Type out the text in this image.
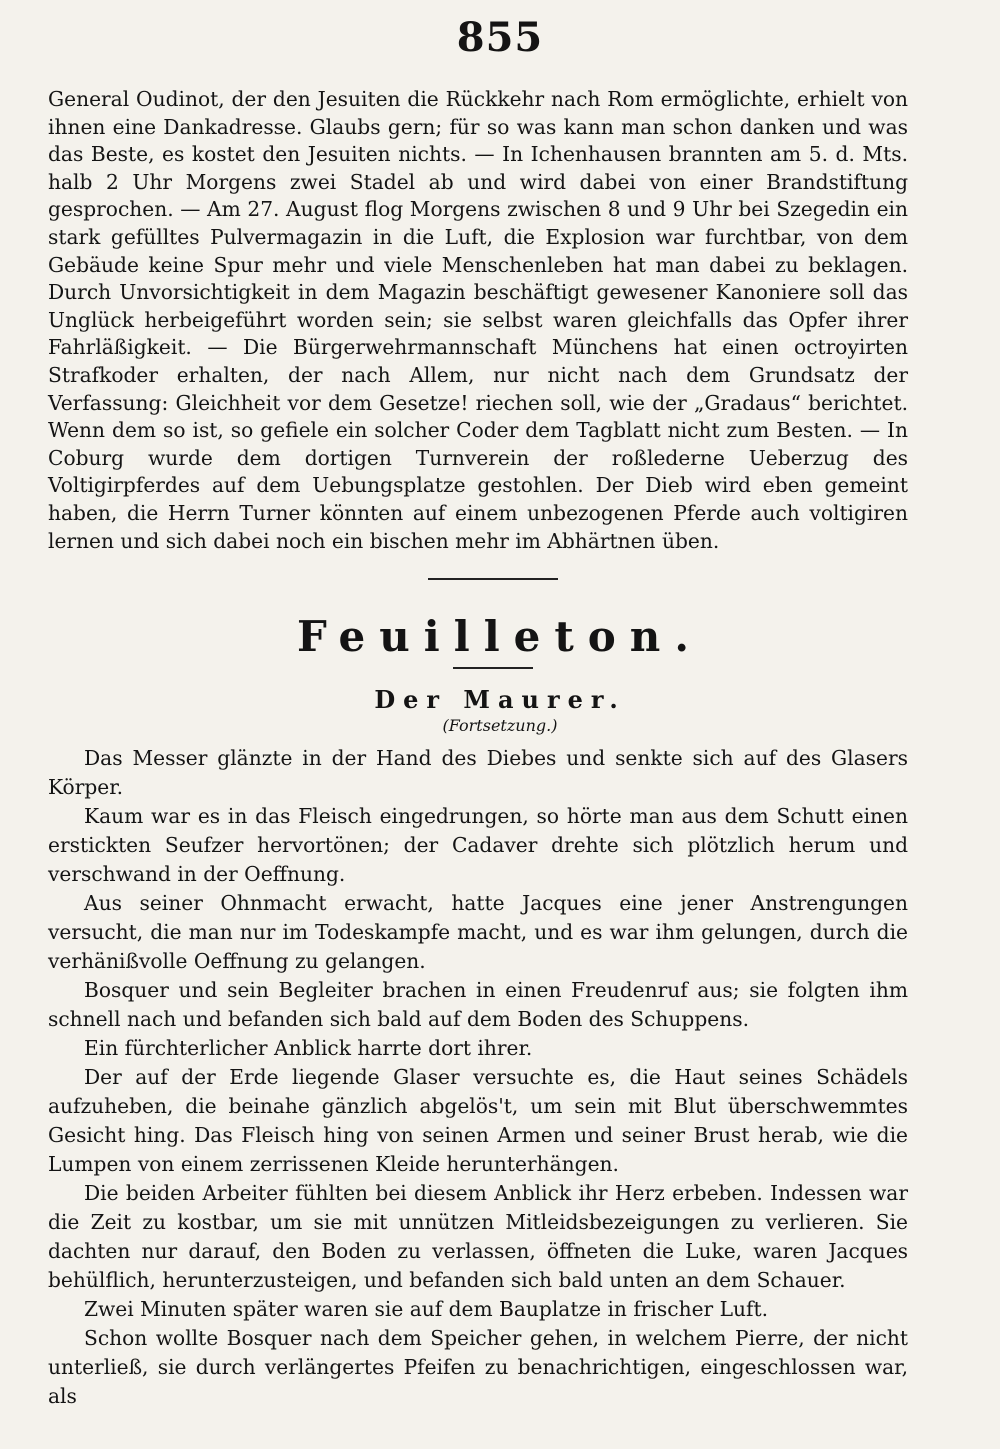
855

General Oudinot, der den Jesuiten die Rückkehr nach Rom ermöglichte, erhielt von ihnen eine Dankadresse. Glaubs gern; für so was kann man schon danken und was das Beste, es kostet den Jesuiten nichts. — In Ichenhausen brannten am 5. d. Mts. halb 2 Uhr Morgens zwei Stadel ab und wird dabei von einer Brandstiftung gesprochen. — Am 27. August flog Morgens zwischen 8 und 9 Uhr bei Szegedin ein stark gefülltes Pulvermagazin in die Luft, die Explosion war furchtbar, von dem Gebäude keine Spur mehr und viele Menschenleben hat man dabei zu beklagen. Durch Unvorsichtigkeit in dem Magazin beschäftigt gewesener Kanoniere soll das Unglück herbeigeführt worden sein; sie selbst waren gleichfalls das Opfer ihrer Fahrläßigkeit. — Die Bürgerwehrmannschaft Münchens hat einen octroyirten Strafkoder erhalten, der nach Allem, nur nicht nach dem Grundsatz der Verfassung: Gleichheit vor dem Gesetze! riechen soll, wie der „Gradaus“ berichtet. Wenn dem so ist, so gefiele ein solcher Coder dem Tagblatt nicht zum Besten. — In Coburg wurde dem dortigen Turnverein der roßlederne Ueberzug des Voltigirpferdes auf dem Uebungsplatze gestohlen. Der Dieb wird eben gemeint haben, die Herrn Turner könnten auf einem unbezogenen Pferde auch voltigiren lernen und sich dabei noch ein bischen mehr im Abhärtnen üben.

Feuilleton.
Der Maurer.
(Fortsetzung.)

Das Messer glänzte in der Hand des Diebes und senkte sich auf des Glasers Körper.

Kaum war es in das Fleisch eingedrungen, so hörte man aus dem Schutt einen erstickten Seufzer hervortönen; der Cadaver drehte sich plötzlich herum und verschwand in der Oeffnung.

Aus seiner Ohnmacht erwacht, hatte Jacques eine jener Anstrengungen versucht, die man nur im Todeskampfe macht, und es war ihm gelungen, durch die verhänißvolle Oeffnung zu gelangen.

Bosquer und sein Begleiter brachen in einen Freudenruf aus; sie folgten ihm schnell nach und befanden sich bald auf dem Boden des Schuppens.

Ein fürchterlicher Anblick harrte dort ihrer.

Der auf der Erde liegende Glaser versuchte es, die Haut seines Schädels aufzuheben, die beinahe gänzlich abgelös't, um sein mit Blut überschwemmtes Gesicht hing. Das Fleisch hing von seinen Armen und seiner Brust herab, wie die Lumpen von einem zerrissenen Kleide herunterhängen.

Die beiden Arbeiter fühlten bei diesem Anblick ihr Herz erbeben. Indessen war die Zeit zu kostbar, um sie mit unnützen Mitleidsbezeigungen zu verlieren. Sie dachten nur darauf, den Boden zu verlassen, öffneten die Luke, waren Jacques behülflich, herunterzusteigen, und befanden sich bald unten an dem Schauer.

Zwei Minuten später waren sie auf dem Bauplatze in frischer Luft.

Schon wollte Bosquer nach dem Speicher gehen, in welchem Pierre, der nicht unterließ, sie durch verlängertes Pfeifen zu benachrichtigen, eingeschlossen war, als
